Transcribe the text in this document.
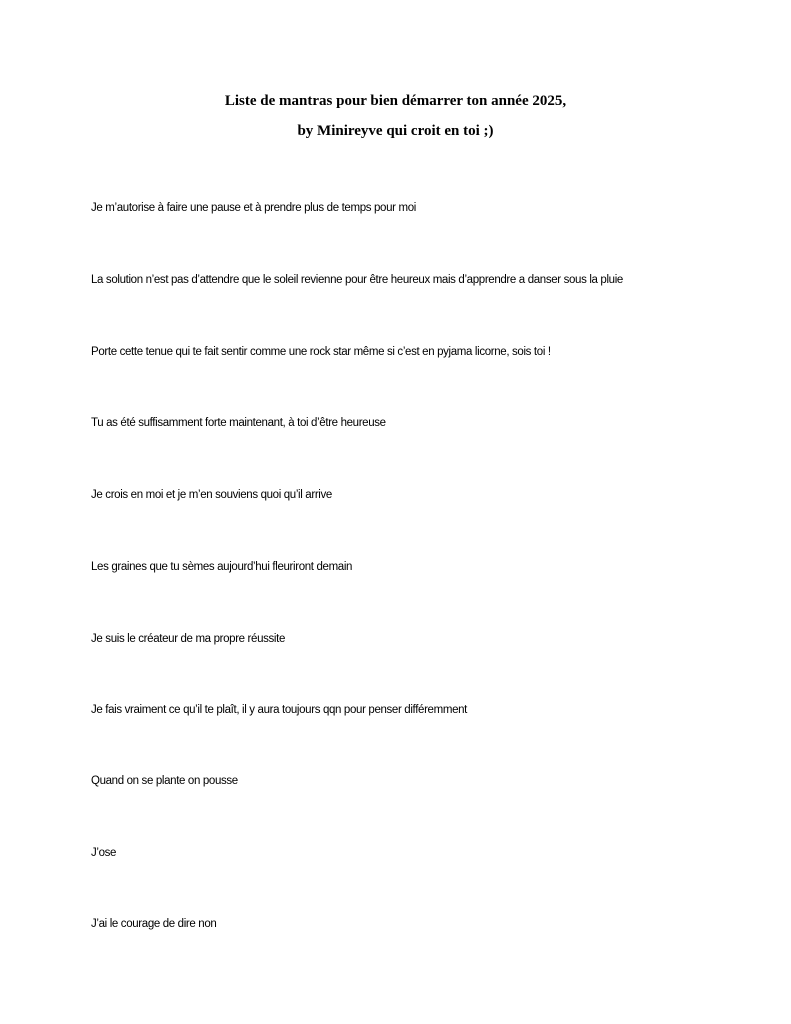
Liste de mantras pour bien démarrer ton année 2025,
by Minireyve qui croit en toi ;)
Je m’autorise à faire une pause et à prendre plus de temps pour moi
La solution n’est pas d’attendre que le soleil revienne pour être heureux mais d’apprendre a danser sous la pluie
Porte cette tenue qui te fait sentir comme une rock star même si c’est en pyjama licorne, sois toi !
Tu as été suffisamment forte maintenant, à toi d’être heureuse
Je crois en moi et je m’en souviens quoi qu’il arrive
Les graines que tu sèmes aujourd’hui fleuriront demain
Je suis le créateur de ma propre réussite
Je fais vraiment ce qu’il te plaît, il y aura toujours qqn pour penser différemment
Quand on se plante on pousse
J’ose
J’ai le courage de dire non
